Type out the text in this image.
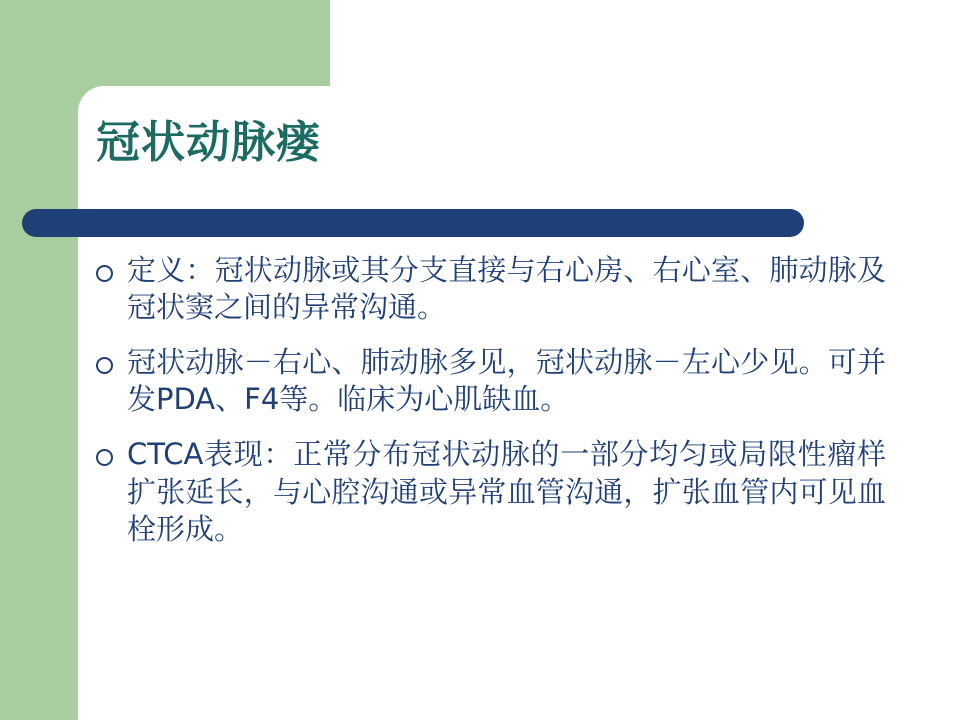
冠状动脉瘘
定义：冠状动脉或其分支直接与右心房、右心室、肺动脉及冠状窦之间的异常沟通。
冠状动脉－右心、肺动脉多见，冠状动脉－左心少见。可并发PDA、F4等。临床为心肌缺血。
CTCA表现：正常分布冠状动脉的一部分均匀或局限性瘤样扩张延长，与心腔沟通或异常血管沟通，扩张血管内可见血栓形成。
